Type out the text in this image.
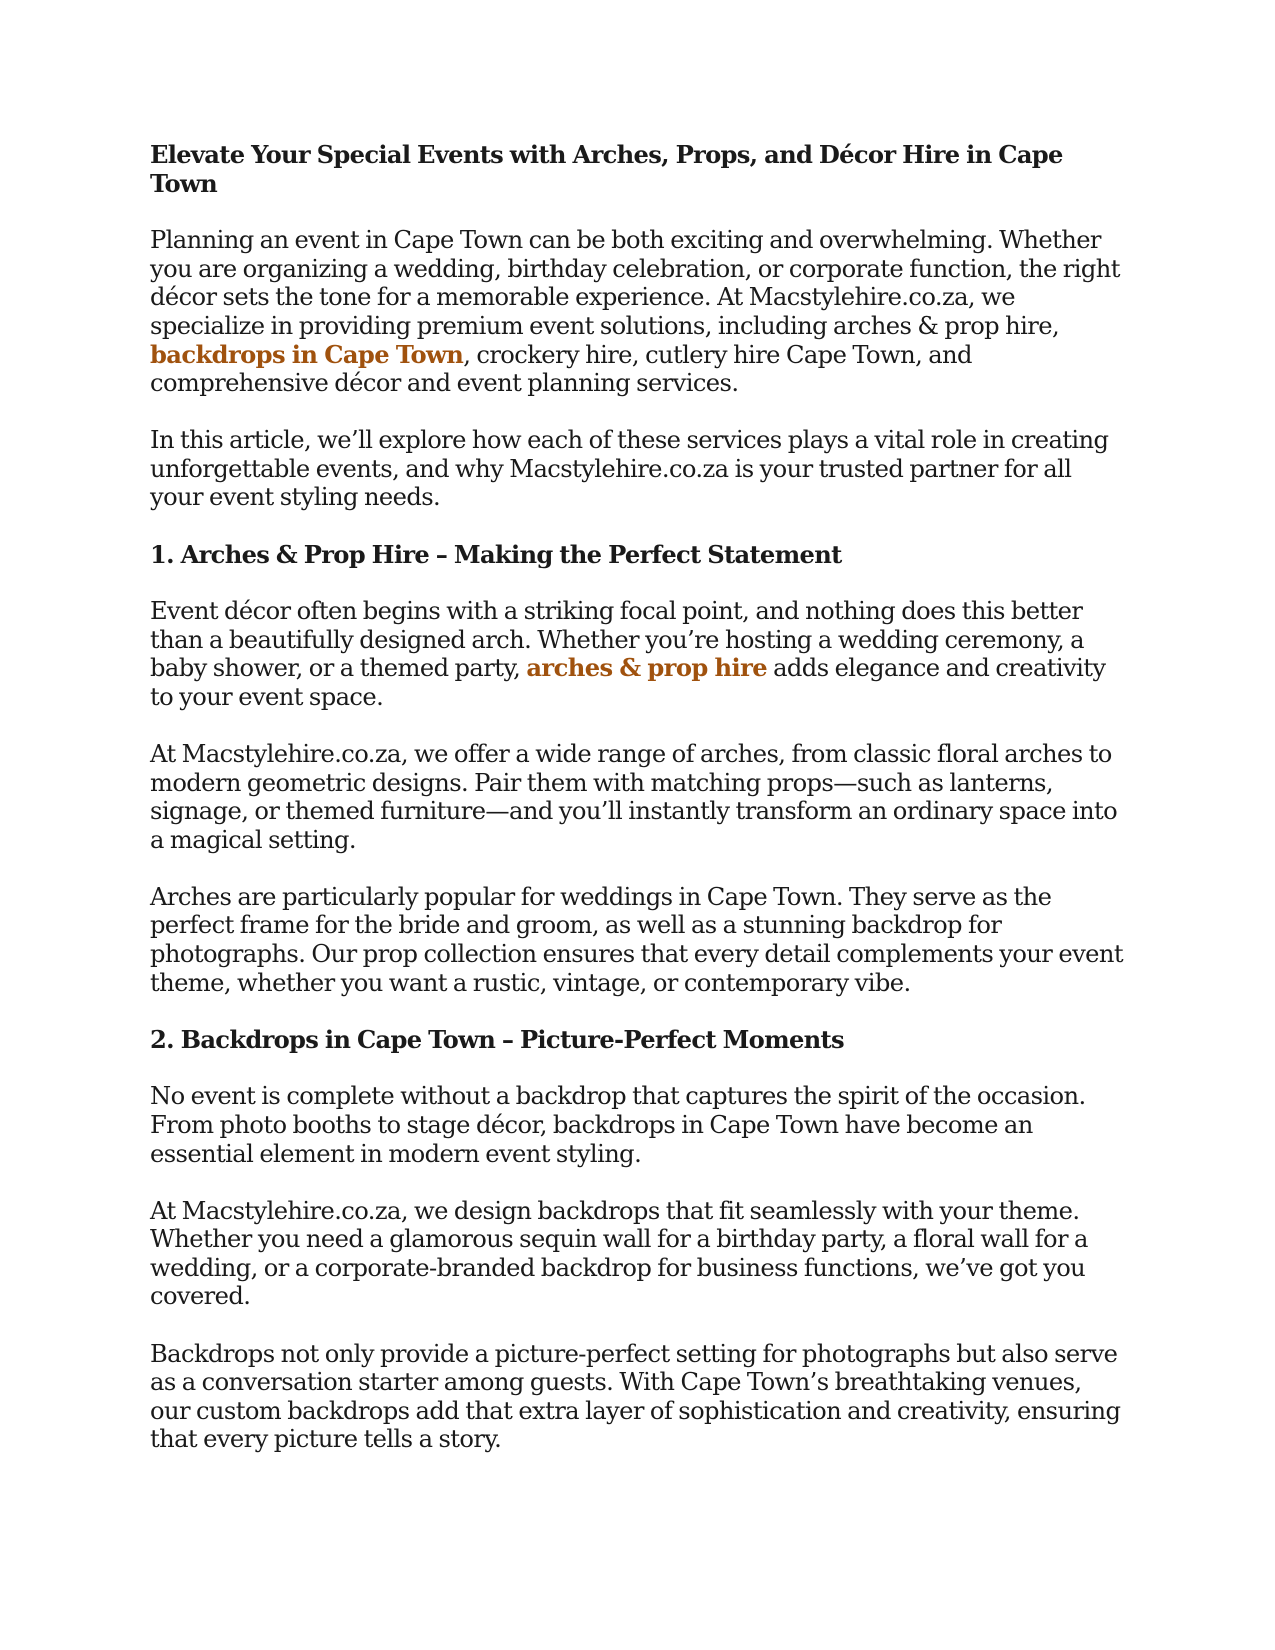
Elevate Your Special Events with Arches, Props, and Décor Hire in Cape Town

Planning an event in Cape Town can be both exciting and overwhelming. Whether you are organizing a wedding, birthday celebration, or corporate function, the right décor sets the tone for a memorable experience. At Macstylehire.co.za, we specialize in providing premium event solutions, including arches & prop hire, backdrops in Cape Town, crockery hire, cutlery hire Cape Town, and comprehensive décor and event planning services.

In this article, we’ll explore how each of these services plays a vital role in creating unforgettable events, and why Macstylehire.co.za is your trusted partner for all your event styling needs.

1. Arches & Prop Hire – Making the Perfect Statement

Event décor often begins with a striking focal point, and nothing does this better than a beautifully designed arch. Whether you’re hosting a wedding ceremony, a baby shower, or a themed party, arches & prop hire adds elegance and creativity to your event space.

At Macstylehire.co.za, we offer a wide range of arches, from classic floral arches to modern geometric designs. Pair them with matching props—such as lanterns, signage, or themed furniture—and you’ll instantly transform an ordinary space into a magical setting.

Arches are particularly popular for weddings in Cape Town. They serve as the perfect frame for the bride and groom, as well as a stunning backdrop for photographs. Our prop collection ensures that every detail complements your event theme, whether you want a rustic, vintage, or contemporary vibe.

2. Backdrops in Cape Town – Picture-Perfect Moments

No event is complete without a backdrop that captures the spirit of the occasion. From photo booths to stage décor, backdrops in Cape Town have become an essential element in modern event styling.

At Macstylehire.co.za, we design backdrops that fit seamlessly with your theme. Whether you need a glamorous sequin wall for a birthday party, a floral wall for a wedding, or a corporate-branded backdrop for business functions, we’ve got you covered.

Backdrops not only provide a picture-perfect setting for photographs but also serve as a conversation starter among guests. With Cape Town’s breathtaking venues, our custom backdrops add that extra layer of sophistication and creativity, ensuring that every picture tells a story.
